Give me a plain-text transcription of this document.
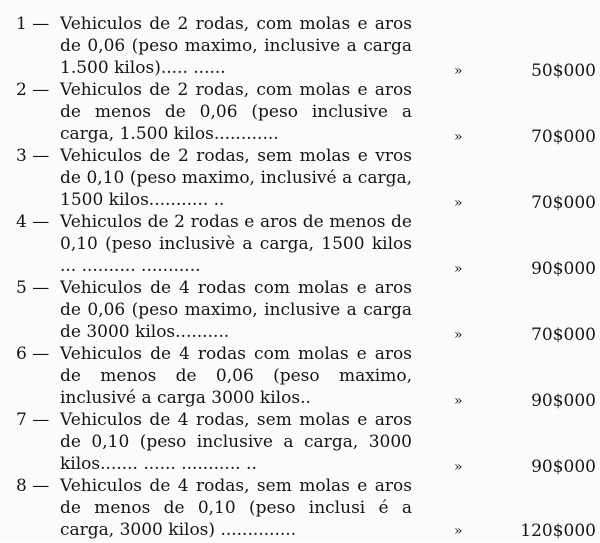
1 — Vehiculos de 2 rodas, com molas e aros de 0,06 (peso maximo, inclusive a carga 1.500 kilos)..... ......	»	50$000
2 — Vehiculos de 2 rodas, com molas e aros de menos de 0,06 (peso inclusive a carga, 1.500 kilos............	»	70$000
3 — Vehiculos de 2 rodas, sem molas e vros de 0,10 (peso maximo, inclusivé a carga, 1500 kilos........... ..	»	70$000
4 — Vehiculos de 2 rodas e aros de menos de 0,10 (peso inclusivè a carga, 1500 kilos ... .......... ...........	»	90$000
5 — Vehiculos de 4 rodas com molas e aros de 0,06 (peso maximo, inclusive a carga de 3000 kilos..........	»	70$000
6 — Vehiculos de 4 rodas com molas e aros de menos de 0,06 (peso maximo, inclusivé a carga 3000 kilos..	»	90$000
7 — Vehiculos de 4 rodas, sem molas e aros de 0,10 (peso inclusive a carga, 3000 kilos....... ...... ........... ..	»	90$000
8 — Vehiculos de 4 rodas, sem molas e aros de menos de 0,10 (peso inclusi é a carga, 3000 kilos) ..............	»	120$000
